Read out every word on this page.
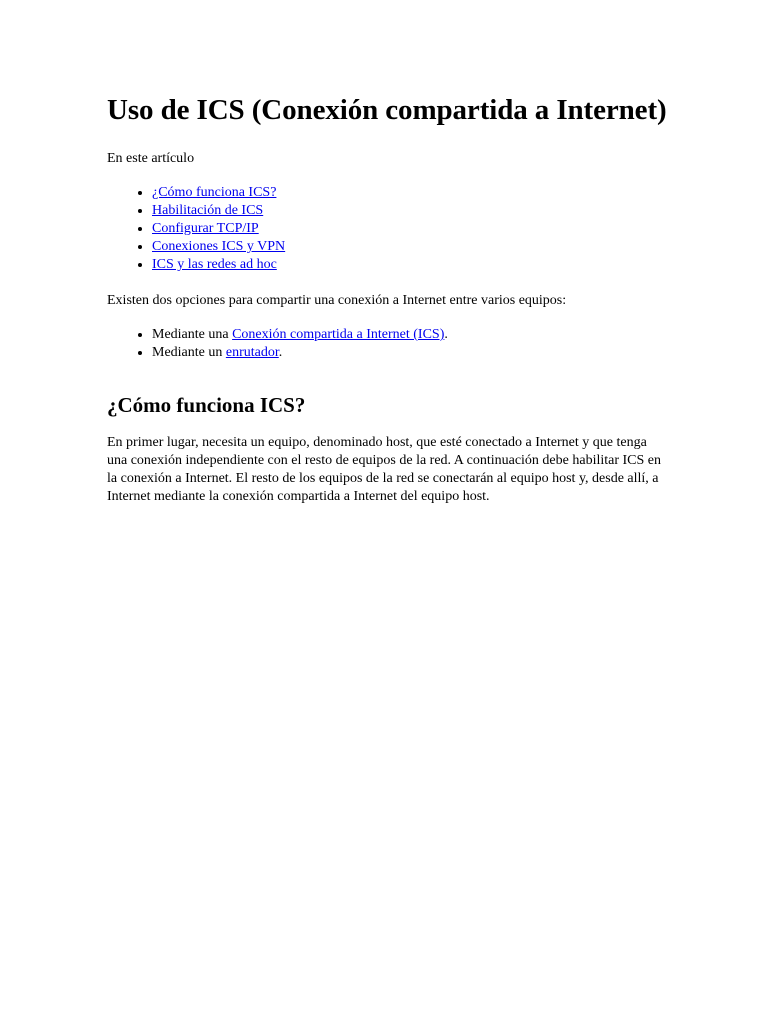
Uso de ICS (Conexión compartida a Internet)

En este artículo

• ¿Cómo funciona ICS?
• Habilitación de ICS
• Configurar TCP/IP
• Conexiones ICS y VPN
• ICS y las redes ad hoc

Existen dos opciones para compartir una conexión a Internet entre varios equipos:

• Mediante una Conexión compartida a Internet (ICS).
• Mediante un enrutador.
¿Cómo funciona ICS?

En primer lugar, necesita un equipo, denominado host, que esté conectado a Internet y que tenga una conexión independiente con el resto de equipos de la red. A continuación debe habilitar ICS en la conexión a Internet. El resto de los equipos de la red se conectarán al equipo host y, desde allí, a Internet mediante la conexión compartida a Internet del equipo host.
